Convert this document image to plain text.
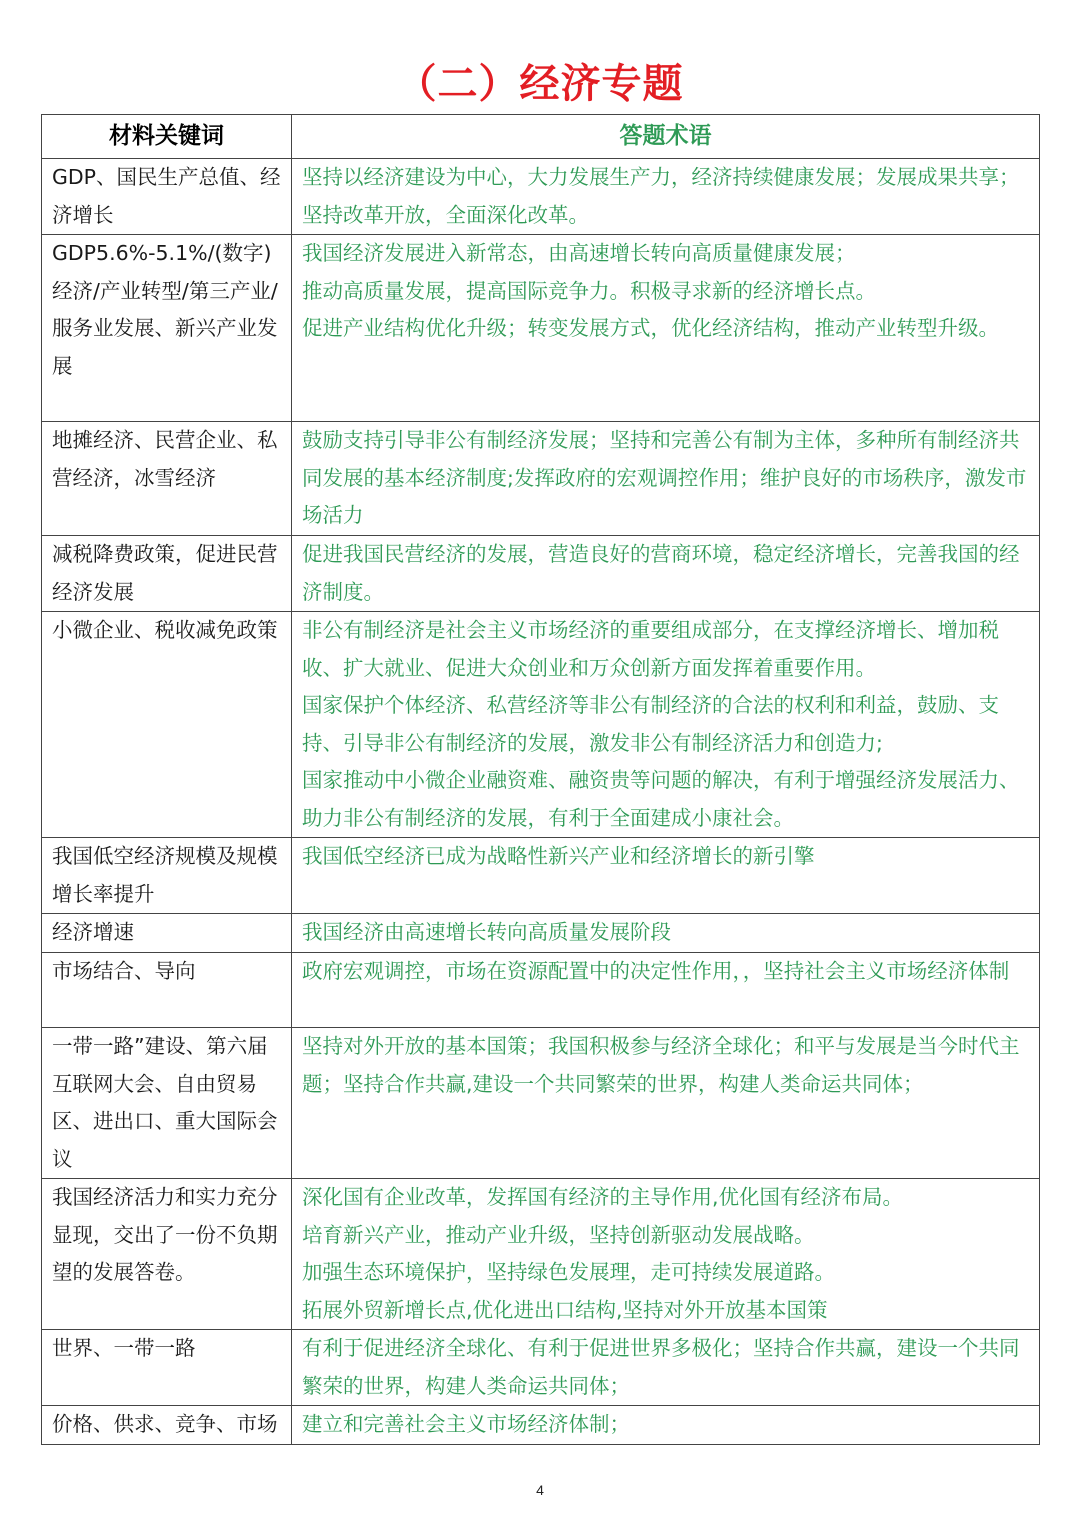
（二）经济专题
材料关键词	答题术语
GDP、国民生产总值、经济增长	坚持以经济建设为中心，大力发展生产力，经济持续健康发展；发展成果共享；坚持改革开放，全面深化改革。

GDP5.6%-5.1%/(数字)经济/产业转型/第三产业/服务业发展、新兴产业发展	我国经济发展进入新常态，由高速增长转向高质量健康发展；
推动高质量发展，提高国际竞争力。积极寻求新的经济增长点。
促进产业结构优化升级；转变发展方式，优化经济结构，推动产业转型升级。

地摊经济、民营企业、私营经济，冰雪经济	鼓励支持引导非公有制经济发展；坚持和完善公有制为主体，多种所有制经济共同发展的基本经济制度;发挥政府的宏观调控作用；维护良好的市场秩序，激发市场活力

减税降费政策，促进民营经济发展	促进我国民营经济的发展，营造良好的营商环境，稳定经济增长，完善我国的经济制度。

小微企业、税收减免政策	非公有制经济是社会主义市场经济的重要组成部分，在支撑经济增长、增加税收、扩大就业、促进大众创业和万众创新方面发挥着重要作用。
国家保护个体经济、私营经济等非公有制经济的合法的权利和利益，鼓励、支持、引导非公有制经济的发展，激发非公有制经济活力和创造力;
国家推动中小微企业融资难、融资贵等问题的解决，有利于增强经济发展活力、助力非公有制经济的发展，有利于全面建成小康社会。

我国低空经济规模及规模增长率提升	我国低空经济已成为战略性新兴产业和经济增长的新引擎

经济增速	我国经济由高速增长转向高质量发展阶段

市场结合、导向	政府宏观调控，市场在资源配置中的决定性作用，，坚持社会主义市场经济体制

一带一路”建设、第六届互联网大会、自由贸易区、进出口、重大国际会议	坚持对外开放的基本国策；我国积极参与经济全球化；和平与发展是当今时代主题；坚持合作共赢,建设一个共同繁荣的世界，构建人类命运共同体；

我国经济活力和实力充分显现，交出了一份不负期望的发展答卷。	深化国有企业改革，发挥国有经济的主导作用,优化国有经济布局。
培育新兴产业，推动产业升级，坚持创新驱动发展战略。
加强生态环境保护，坚持绿色发展理，走可持续发展道路。
拓展外贸新增长点,优化进出口结构,坚持对外开放基本国策

世界、一带一路	有利于促进经济全球化、有利于促进世界多极化；坚持合作共赢，建设一个共同繁荣的世界，构建人类命运共同体；

价格、供求、竞争、市场	建立和完善社会主义市场经济体制；
4
